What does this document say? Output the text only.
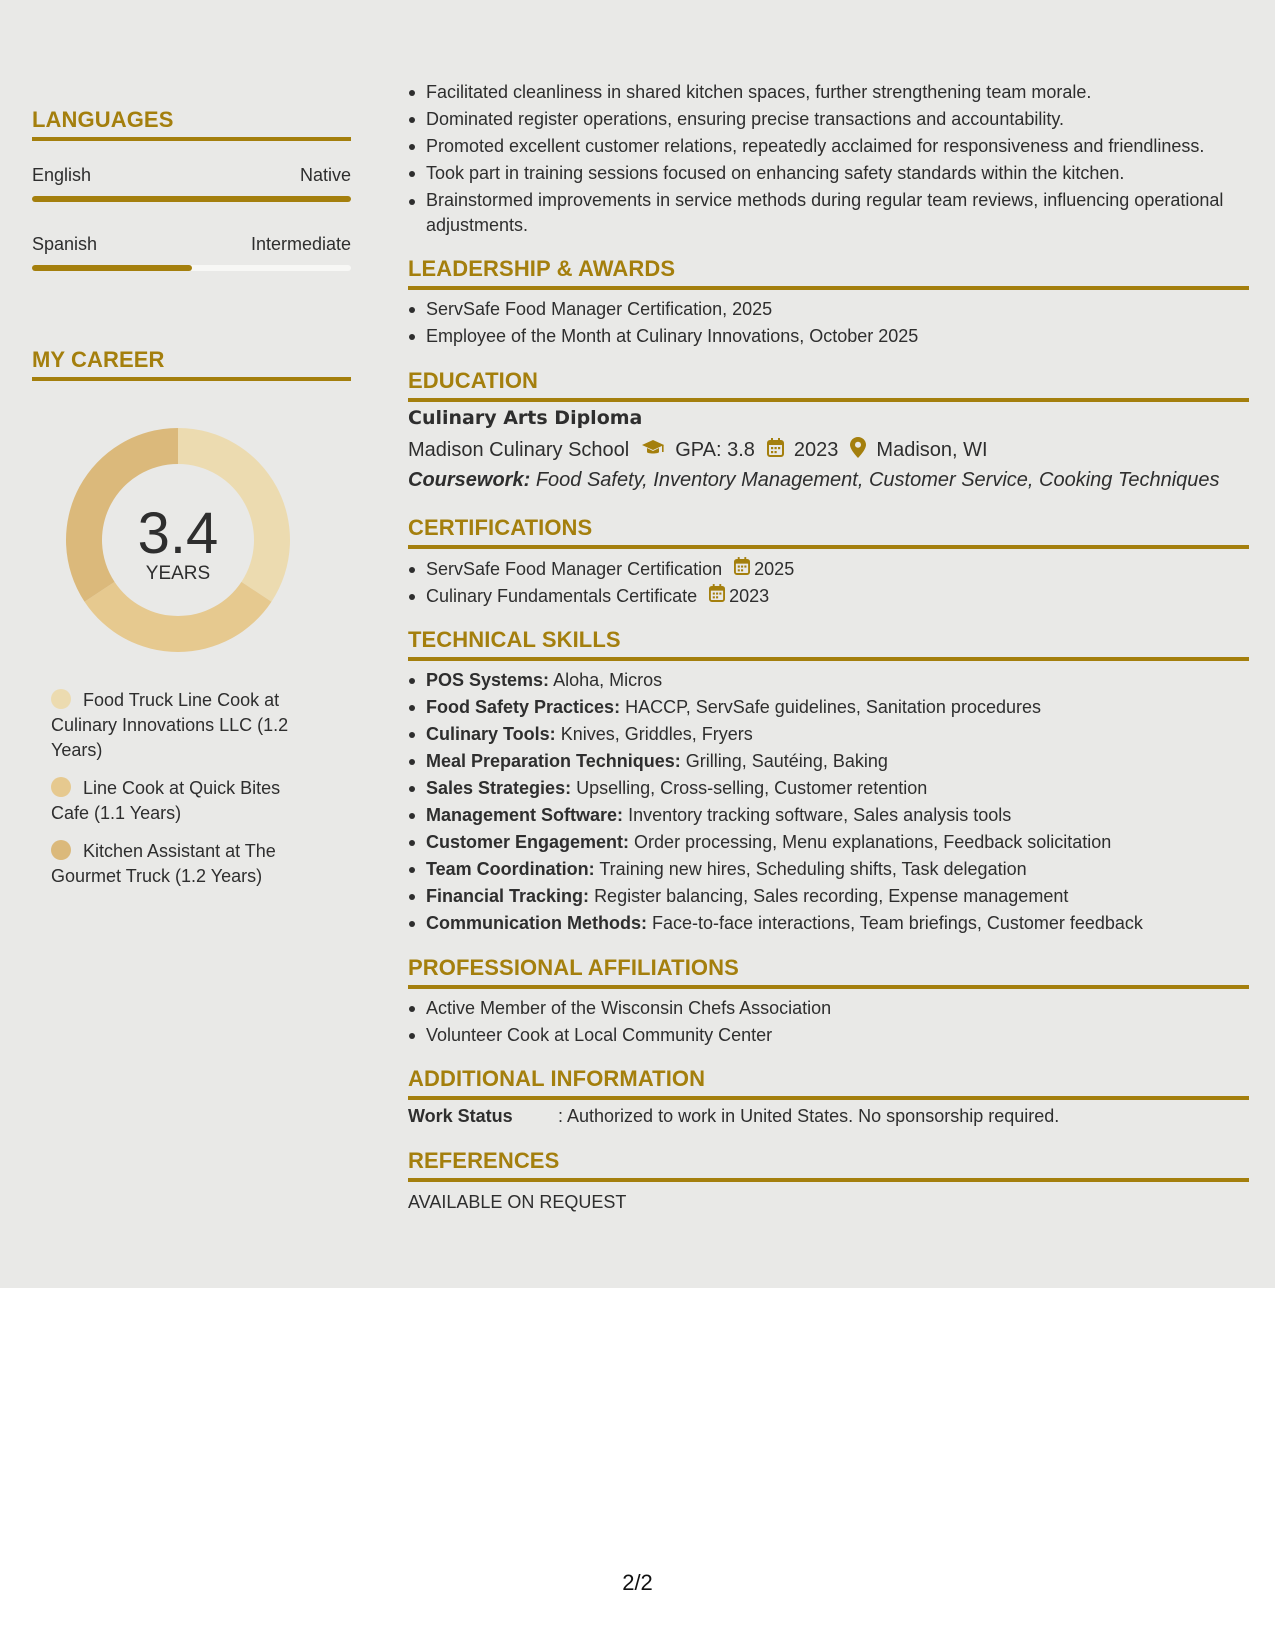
LANGUAGES
English	Native
Spanish	Intermediate
MY CAREER
3.4
YEARS
Food Truck Line Cook at Culinary Innovations LLC (1.2 Years)
Line Cook at Quick Bites Cafe (1.1 Years)
Kitchen Assistant at The Gourmet Truck (1.2 Years)
Facilitated cleanliness in shared kitchen spaces, further strengthening team morale.
Dominated register operations, ensuring precise transactions and accountability.
Promoted excellent customer relations, repeatedly acclaimed for responsiveness and friendliness.
Took part in training sessions focused on enhancing safety standards within the kitchen.
Brainstormed improvements in service methods during regular team reviews, influencing operational adjustments.
LEADERSHIP & AWARDS
ServSafe Food Manager Certification, 2025
Employee of the Month at Culinary Innovations, October 2025
EDUCATION
Culinary Arts Diploma
Madison Culinary School GPA: 3.8 2023 Madison, WI
Coursework: Food Safety, Inventory Management, Customer Service, Cooking Techniques
CERTIFICATIONS
ServSafe Food Manager Certification 2025
Culinary Fundamentals Certificate 2023
TECHNICAL SKILLS
POS Systems: Aloha, Micros
Food Safety Practices: HACCP, ServSafe guidelines, Sanitation procedures
Culinary Tools: Knives, Griddles, Fryers
Meal Preparation Techniques: Grilling, Sautéing, Baking
Sales Strategies: Upselling, Cross-selling, Customer retention
Management Software: Inventory tracking software, Sales analysis tools
Customer Engagement: Order processing, Menu explanations, Feedback solicitation
Team Coordination: Training new hires, Scheduling shifts, Task delegation
Financial Tracking: Register balancing, Sales recording, Expense management
Communication Methods: Face-to-face interactions, Team briefings, Customer feedback
PROFESSIONAL AFFILIATIONS
Active Member of the Wisconsin Chefs Association
Volunteer Cook at Local Community Center
ADDITIONAL INFORMATION
Work Status	: Authorized to work in United States. No sponsorship required.
REFERENCES
AVAILABLE ON REQUEST
2/2
